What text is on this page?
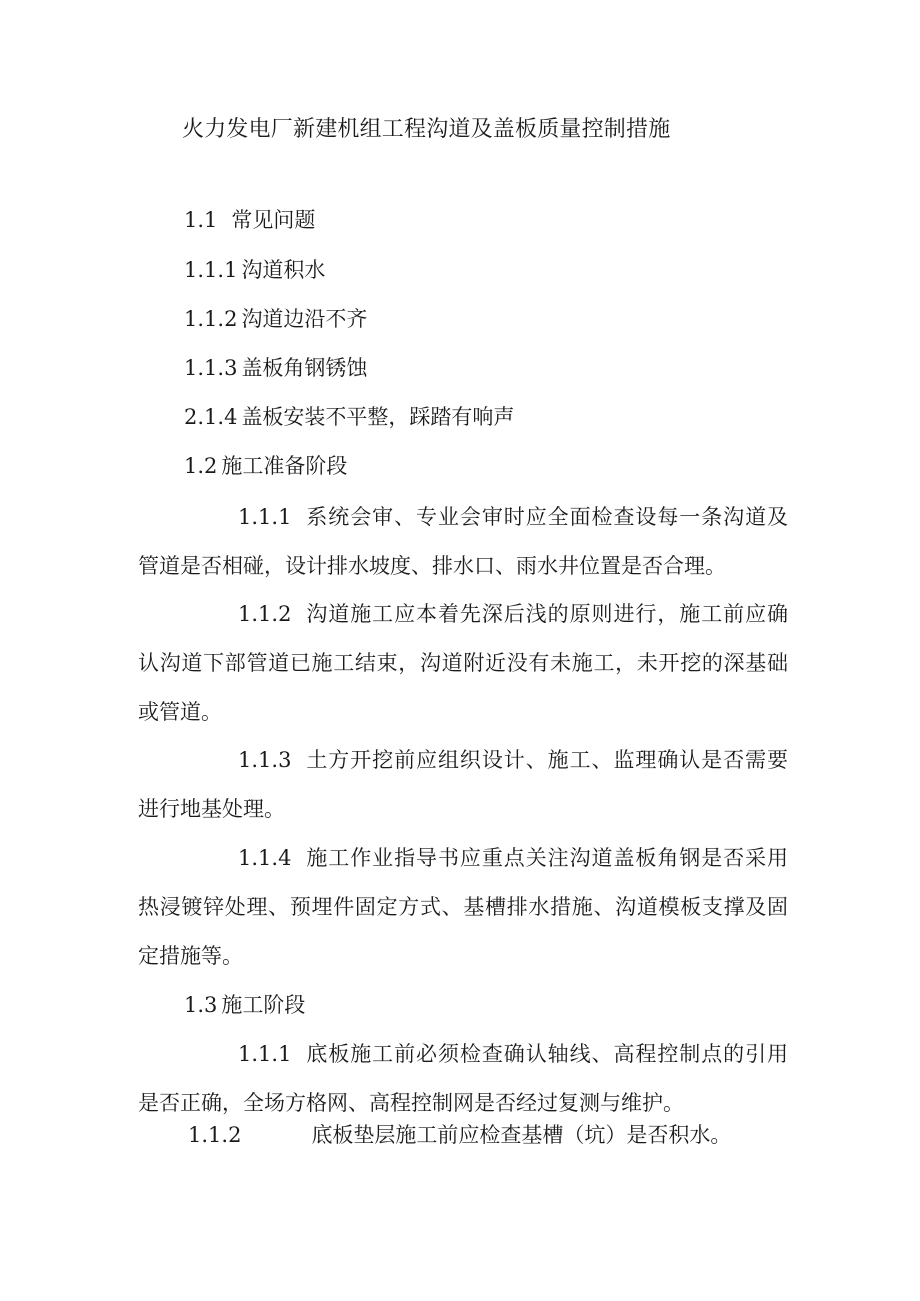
火力发电厂新建机组工程沟道及盖板质量控制措施
1.1 常见问题
1.1.1 沟道积水
1.1.2 沟道边沿不齐
1.1.3 盖板角钢锈蚀
2.1.4 盖板安装不平整，踩踏有响声
1.2 施工准备阶段
1.1.1 系统会审、专业会审时应全面检查设每一条沟道及管道是否相碰，设计排水坡度、排水口、雨水井位置是否合理。
1.1.2 沟道施工应本着先深后浅的原则进行，施工前应确认沟道下部管道已施工结束，沟道附近没有未施工，未开挖的深基础或管道。
1.1.3 土方开挖前应组织设计、施工、监理确认是否需要进行地基处理。
1.1.4 施工作业指导书应重点关注沟道盖板角钢是否采用热浸镀锌处理、预埋件固定方式、基槽排水措施、沟道模板支撑及固定措施等。
1.3 施工阶段
1.1.1 底板施工前必须检查确认轴线、高程控制点的引用是否正确，全场方格网、高程控制网是否经过复测与维护。
1.1.2	底板垫层施工前应检查基槽（坑）是否积水。
